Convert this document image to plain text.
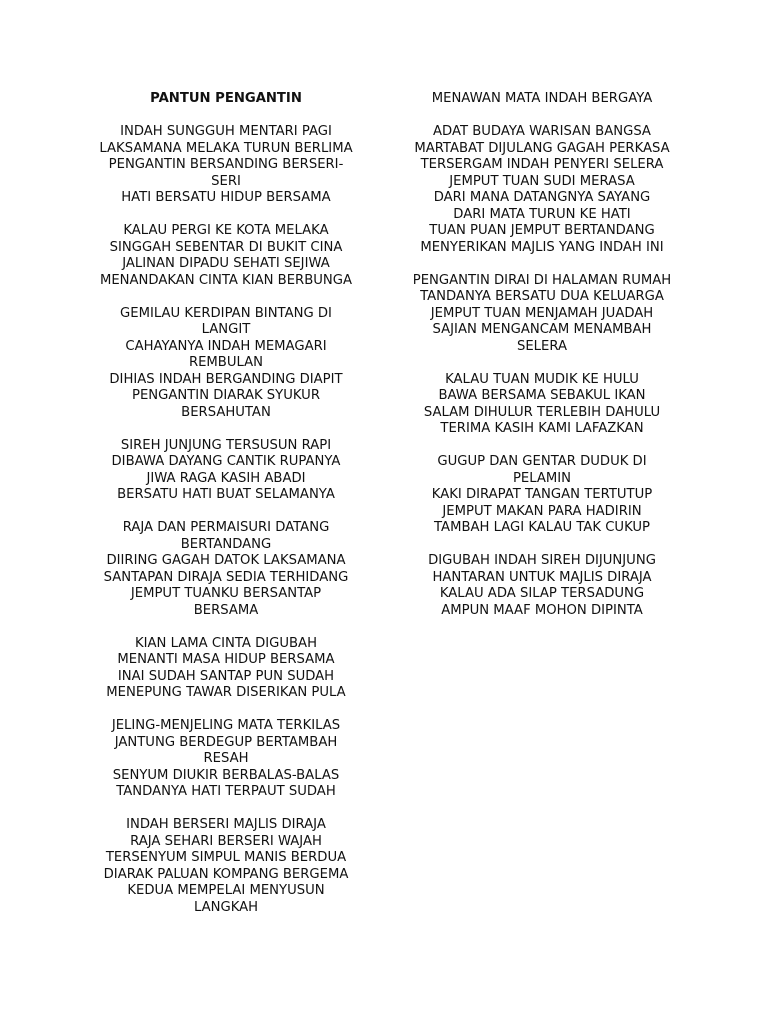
PANTUN PENGANTIN
INDAH SUNGGUH MENTARI PAGI
LAKSAMANA MELAKA TURUN BERLIMA
PENGANTIN BERSANDING BERSERI-
SERI
HATI BERSATU HIDUP BERSAMA
KALAU PERGI KE KOTA MELAKA
SINGGAH SEBENTAR DI BUKIT CINA
JALINAN DIPADU SEHATI SEJIWA
MENANDAKAN CINTA KIAN BERBUNGA
GEMILAU KERDIPAN BINTANG DI
LANGIT
CAHAYANYA INDAH MEMAGARI
REMBULAN
DIHIAS INDAH BERGANDING DIAPIT
PENGANTIN DIARAK SYUKUR
BERSAHUTAN
SIREH JUNJUNG TERSUSUN RAPI
DIBAWA DAYANG CANTIK RUPANYA
JIWA RAGA KASIH ABADI
BERSATU HATI BUAT SELAMANYA
RAJA DAN PERMAISURI DATANG
BERTANDANG
DIIRING GAGAH DATOK LAKSAMANA
SANTAPAN DIRAJA SEDIA TERHIDANG
JEMPUT TUANKU BERSANTAP
BERSAMA
KIAN LAMA CINTA DIGUBAH
MENANTI MASA HIDUP BERSAMA
INAI SUDAH SANTAP PUN SUDAH
MENEPUNG TAWAR DISERIKAN PULA
JELING-MENJELING MATA TERKILAS
JANTUNG BERDEGUP BERTAMBAH
RESAH
SENYUM DIUKIR BERBALAS-BALAS
TANDANYA HATI TERPAUT SUDAH
INDAH BERSERI MAJLIS DIRAJA
RAJA SEHARI BERSERI WAJAH
TERSENYUM SIMPUL MANIS BERDUA
DIARAK PALUAN KOMPANG BERGEMA
KEDUA MEMPELAI MENYUSUN
LANGKAH
MENAWAN MATA INDAH BERGAYA
ADAT BUDAYA WARISAN BANGSA
MARTABAT DIJULANG GAGAH PERKASA
TERSERGAM INDAH PENYERI SELERA
JEMPUT TUAN SUDI MERASA
DARI MANA DATANGNYA SAYANG
DARI MATA TURUN KE HATI
TUAN PUAN JEMPUT BERTANDANG
MENYERIKAN MAJLIS YANG INDAH INI
PENGANTIN DIRAI DI HALAMAN RUMAH
TANDANYA BERSATU DUA KELUARGA
JEMPUT TUAN MENJAMAH JUADAH
SAJIAN MENGANCAM MENAMBAH
SELERA
KALAU TUAN MUDIK KE HULU
BAWA BERSAMA SEBAKUL IKAN
SALAM DIHULUR TERLEBIH DAHULU
TERIMA KASIH KAMI LAFAZKAN
GUGUP DAN GENTAR DUDUK DI
PELAMIN
KAKI DIRAPAT TANGAN TERTUTUP
JEMPUT MAKAN PARA HADIRIN
TAMBAH LAGI KALAU TAK CUKUP
DIGUBAH INDAH SIREH DIJUNJUNG
HANTARAN UNTUK MAJLIS DIRAJA
KALAU ADA SILAP TERSADUNG
AMPUN MAAF MOHON DIPINTA
